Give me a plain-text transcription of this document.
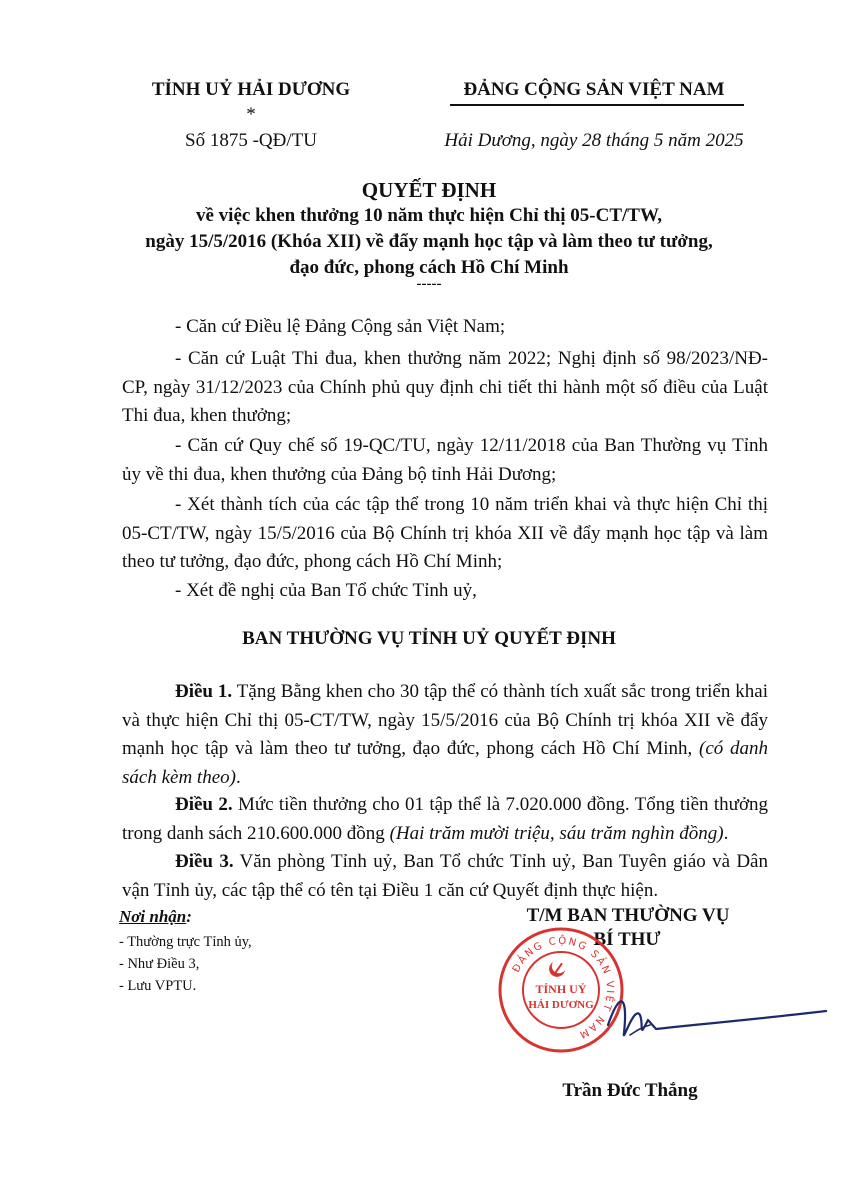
TỈNH UỶ HẢI DƯƠNG
*
Số 1875 -QĐ/TU
ĐẢNG CỘNG SẢN VIỆT NAM
Hải Dương, ngày 28 tháng 5 năm 2025
QUYẾT ĐỊNH
về việc khen thưởng 10 năm thực hiện Chỉ thị 05-CT/TW,
ngày 15/5/2016 (Khóa XII) về đẩy mạnh học tập và làm theo tư tưởng,
đạo đức, phong cách Hồ Chí Minh
-----
- Căn cứ Điều lệ Đảng Cộng sản Việt Nam;
- Căn cứ Luật Thi đua, khen thưởng năm 2022; Nghị định số 98/2023/NĐ-CP, ngày 31/12/2023 của Chính phủ quy định chi tiết thi hành một số điều của Luật Thi đua, khen thưởng;
- Căn cứ Quy chế số 19-QC/TU, ngày 12/11/2018 của Ban Thường vụ Tỉnh ủy về thi đua, khen thưởng của Đảng bộ tỉnh Hải Dương;
- Xét thành tích của các tập thể trong 10 năm triển khai và thực hiện Chỉ thị 05-CT/TW, ngày 15/5/2016 của Bộ Chính trị khóa XII về đẩy mạnh học tập và làm theo tư tưởng, đạo đức, phong cách Hồ Chí Minh;
- Xét đề nghị của Ban Tổ chức Tỉnh uỷ,
BAN THƯỜNG VỤ TỈNH UỶ QUYẾT ĐỊNH
Điều 1. Tặng Bằng khen cho 30 tập thể có thành tích xuất sắc trong triển khai và thực hiện Chỉ thị 05-CT/TW, ngày 15/5/2016 của Bộ Chính trị khóa XII về đẩy mạnh học tập và làm theo tư tưởng, đạo đức, phong cách Hồ Chí Minh, (có danh sách kèm theo).
Điều 2. Mức tiền thưởng cho 01 tập thể là 7.020.000 đồng. Tổng tiền thưởng trong danh sách 210.600.000 đồng (Hai trăm mười triệu, sáu trăm nghìn đồng).
Điều 3. Văn phòng Tỉnh uỷ, Ban Tổ chức Tỉnh uỷ, Ban Tuyên giáo và Dân vận Tỉnh ủy, các tập thể có tên tại Điều 1 căn cứ Quyết định thực hiện.
Nơi nhận:
- Thường trực Tỉnh ủy,
- Như Điều 3,
- Lưu VPTU.
T/M BAN THƯỜNG VỤ
BÍ THƯ
ĐẢNG CỘNG SẢN VIỆT NAM
TỈNH UỶ
HẢI DƯƠNG
Trần Đức Thắng
